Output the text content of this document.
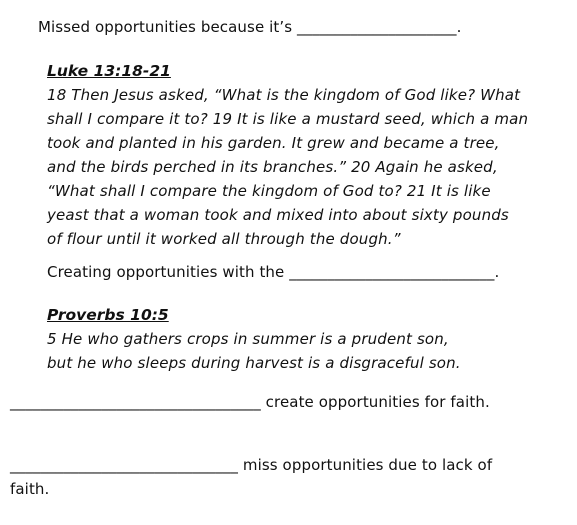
Missed opportunities because it’s _____________________.
Luke 13:18-21
18 Then Jesus asked, “What is the kingdom of God like? What
shall I compare it to? 19 It is like a mustard seed, which a man
took and planted in his garden. It grew and became a tree,
and the birds perched in its branches.” 20 Again he asked,
“What shall I compare the kingdom of God to? 21 It is like
yeast that a woman took and mixed into about sixty pounds
of flour until it worked all through the dough.”
Creating opportunities with the ___________________________.
Proverbs 10:5
5 He who gathers crops in summer is a prudent son,
but he who sleeps during harvest is a disgraceful son.
_________________________________ create opportunities for faith.
______________________________ miss opportunities due to lack of
faith.
